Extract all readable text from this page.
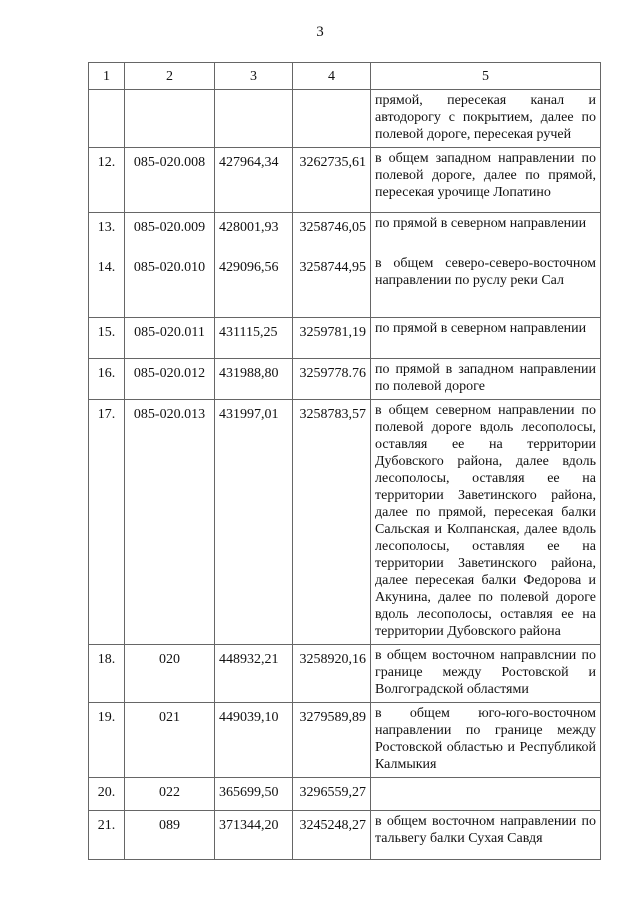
3
1	2	3	4	5
				прямой, пересекая канал и автодорогу с покрытием, далее по полевой дороге, пересекая ручей
12.	085-020.008	427964,34	3262735,61	в общем западном направлении по полевой дороге, далее по прямой, пересекая урочище Лопатино
13.	085-020.009	428001,93	3258746,05	по прямой в северном направлении
14.	085-020.010	429096,56	3258744,95	в общем северо-северо-восточном направлении по руслу реки Сал
15.	085-020.011	431115,25	3259781,19	по прямой в северном направлении
16.	085-020.012	431988,80	3259778.76	по прямой в западном направлении по полевой дороге
17.	085-020.013	431997,01	3258783,57	в общем северном направлении по полевой дороге вдоль лесополосы, оставляя ее на территории Дубовского района, далее вдоль лесополосы, оставляя ее на территории Заветинского района, далее по прямой, пересекая балки Сальская и Колпанская, далее вдоль лесополосы, оставляя ее на территории Заветинского района, далее пересекая балки Федорова и Акунина, далее по полевой дороге вдоль лесополосы, оставляя ее на территории Дубовского района
18.	020	448932,21	3258920,16	в общем восточном направлснии по границе между Ростовской и Волгоградской областями
19.	021	449039,10	3279589,89	в общем юго-юго-восточном направлении по границе между Ростовской областью и Республикой Калмыкия
20.	022	365699,50	3296559,27	
21.	089	371344,20	3245248,27	в общем восточном направлении по тальвегу балки Сухая Савдя
